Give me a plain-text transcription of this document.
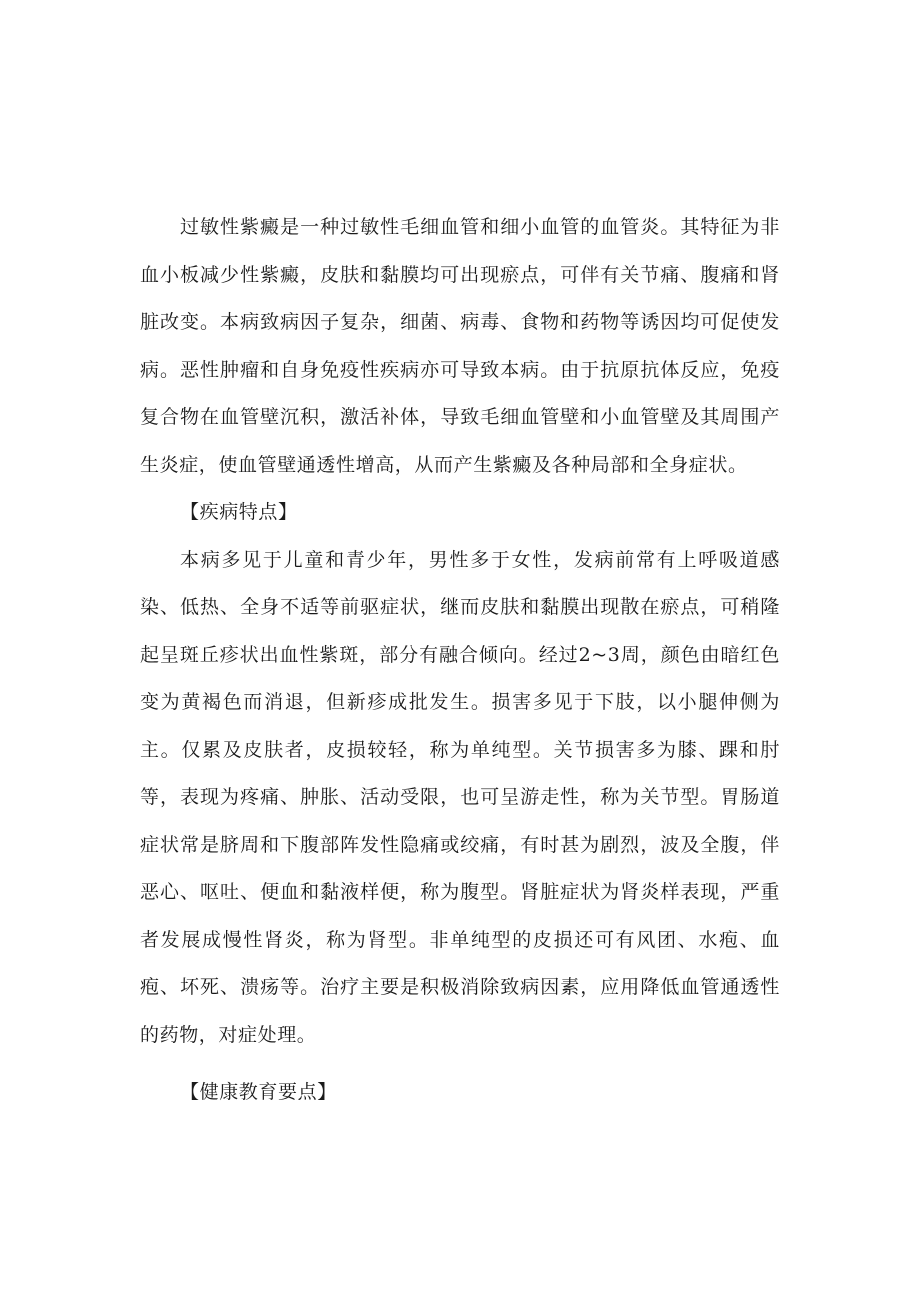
过敏性紫癜是一种过敏性毛细血管和细小血管的血管炎。其特征为非血小板减少性紫癜，皮肤和黏膜均可出现瘀点，可伴有关节痛、腹痛和肾脏改变。本病致病因子复杂，细菌、病毒、食物和药物等诱因均可促使发病。恶性肿瘤和自身免疫性疾病亦可导致本病。由于抗原抗体反应，免疫复合物在血管壁沉积，激活补体，导致毛细血管壁和小血管壁及其周围产生炎症，使血管壁通透性增高，从而产生紫癜及各种局部和全身症状。

【疾病特点】

本病多见于儿童和青少年，男性多于女性，发病前常有上呼吸道感染、低热、全身不适等前驱症状，继而皮肤和黏膜出现散在瘀点，可稍隆起呈斑丘疹状出血性紫斑，部分有融合倾向。经过2~3周，颜色由暗红色变为黄褐色而消退，但新疹成批发生。损害多见于下肢，以小腿伸侧为主。仅累及皮肤者，皮损较轻，称为单纯型。关节损害多为膝、踝和肘等，表现为疼痛、肿胀、活动受限，也可呈游走性，称为关节型。胃肠道症状常是脐周和下腹部阵发性隐痛或绞痛，有时甚为剧烈，波及全腹，伴恶心、呕吐、便血和黏液样便，称为腹型。肾脏症状为肾炎样表现，严重者发展成慢性肾炎，称为肾型。非单纯型的皮损还可有风团、水疱、血疱、坏死、溃疡等。治疗主要是积极消除致病因素，应用降低血管通透性的药物，对症处理。

【健康教育要点】
